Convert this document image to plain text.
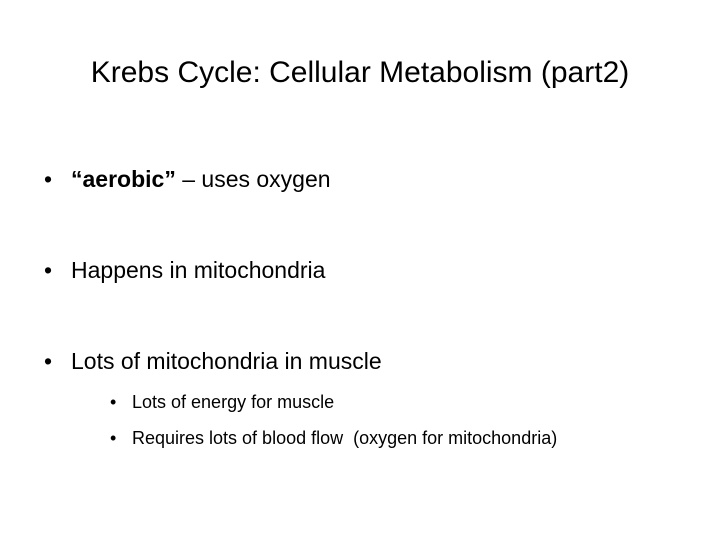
Krebs Cycle: Cellular Metabolism (part2)
• “aerobic” – uses oxygen
• Happens in mitochondria
• Lots of mitochondria in muscle
• Lots of energy for muscle
• Requires lots of blood flow  (oxygen for mitochondria)
